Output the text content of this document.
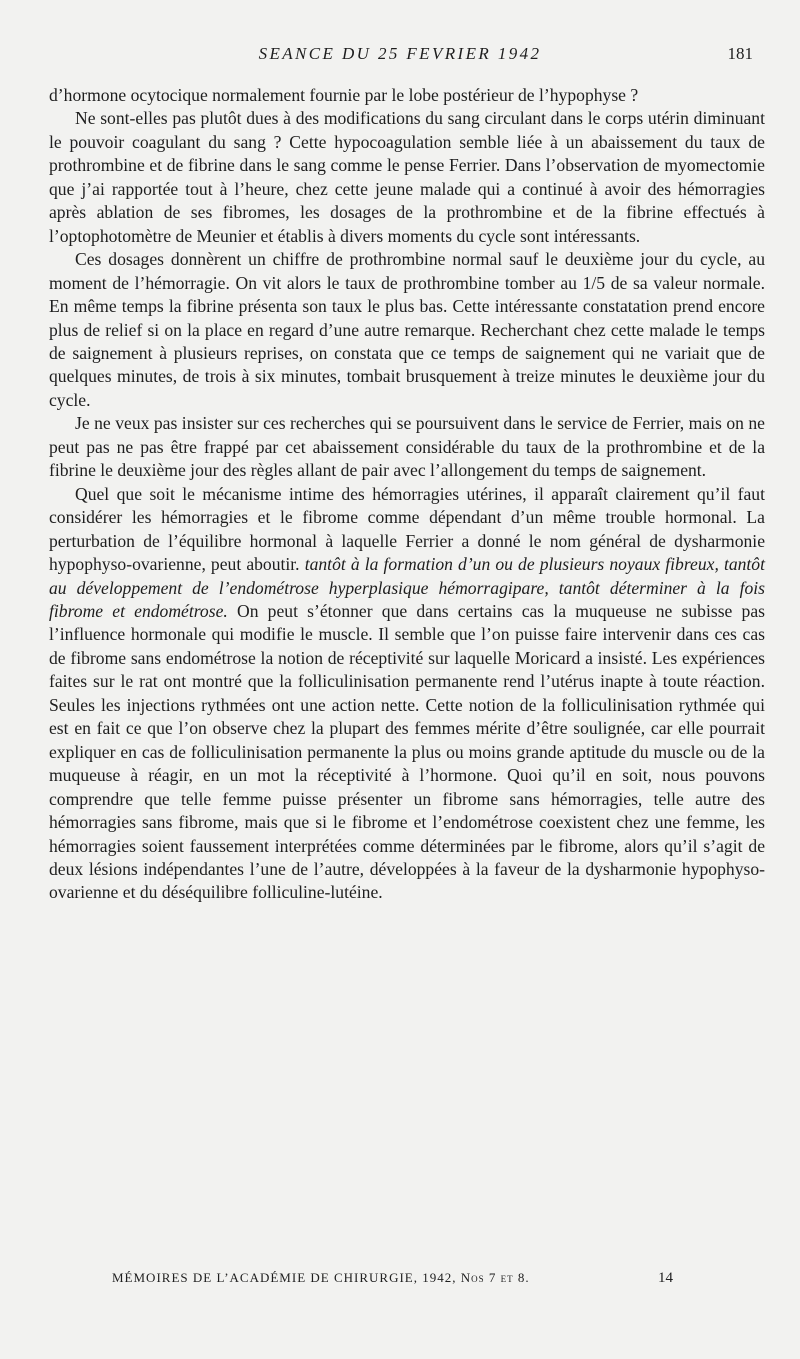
SEANCE DU 25 FEVRIER 1942	181

d’hormone ocytocique normalement fournie par le lobe postérieur de l’hypophyse ?

Ne sont-elles pas plutôt dues à des modifications du sang circulant dans le corps utérin diminuant le pouvoir coagulant du sang ? Cette hypocoagulation semble liée à un abaissement du taux de prothrombine et de fibrine dans le sang comme le pense Ferrier. Dans l’observation de myomectomie que j’ai rapportée tout à l’heure, chez cette jeune malade qui a continué à avoir des hémorragies après ablation de ses fibromes, les dosages de la prothrombine et de la fibrine effectués à l’optophotomètre de Meunier et établis à divers moments du cycle sont intéressants.

Ces dosages donnèrent un chiffre de prothrombine normal sauf le deuxième jour du cycle, au moment de l’hémorragie. On vit alors le taux de prothrombine tomber au 1/5 de sa valeur normale. En même temps la fibrine présenta son taux le plus bas. Cette intéressante constatation prend encore plus de relief si on la place en regard d’une autre remarque. Recherchant chez cette malade le temps de saignement à plusieurs reprises, on constata que ce temps de saignement qui ne variait que de quelques minutes, de trois à six minutes, tombait brusquement à treize minutes le deuxième jour du cycle.

Je ne veux pas insister sur ces recherches qui se poursuivent dans le service de Ferrier, mais on ne peut pas ne pas être frappé par cet abaissement considérable du taux de la prothrombine et de la fibrine le deuxième jour des règles allant de pair avec l’allongement du temps de saignement.

Quel que soit le mécanisme intime des hémorragies utérines, il apparaît clairement qu’il faut considérer les hémorragies et le fibrome comme dépendant d’un même trouble hormonal. La perturbation de l’équilibre hormonal à laquelle Ferrier a donné le nom général de dysharmonie hypophyso-ovarienne, peut aboutir. tantôt à la formation d’un ou de plusieurs noyaux fibreux, tantôt au développement de l’endométrose hyperplasique hémorragipare, tantôt déterminer à la fois fibrome et endométrose. On peut s’étonner que dans certains cas la muqueuse ne subisse pas l’influence hormonale qui modifie le muscle. Il semble que l’on puisse faire intervenir dans ces cas de fibrome sans endométrose la notion de réceptivité sur laquelle Moricard a insisté. Les expériences faites sur le rat ont montré que la folliculinisation permanente rend l’utérus inapte à toute réaction. Seules les injections rythmées ont une action nette. Cette notion de la folliculinisation rythmée qui est en fait ce que l’on observe chez la plupart des femmes mérite d’être soulignée, car elle pourrait expliquer en cas de folliculinisation permanente la plus ou moins grande aptitude du muscle ou de la muqueuse à réagir, en un mot la réceptivité à l’hormone. Quoi qu’il en soit, nous pouvons comprendre que telle femme puisse présenter un fibrome sans hémorragies, telle autre des hémorragies sans fibrome, mais que si le fibrome et l’endométrose coexistent chez une femme, les hémorragies soient faussement interprétées comme déterminées par le fibrome, alors qu’il s’agit de deux lésions indépendantes l’une de l’autre, développées à la faveur de la dysharmonie hypophyso-ovarienne et du déséquilibre folliculine-lutéine.

MÉMOIRES DE L’ACADÉMIE DE CHIRURGIE, 1942, Nos 7 et 8.	14
